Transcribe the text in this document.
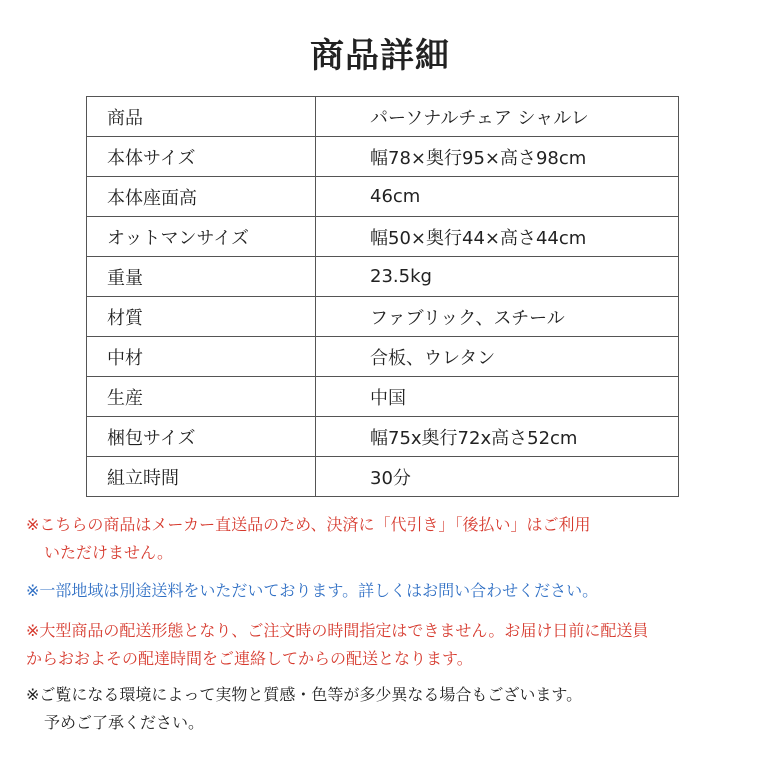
商品詳細
商品	パーソナルチェア シャルレ
本体サイズ	幅78×奥行95×高さ98cm
本体座面高	46cm
オットマンサイズ	幅50×奥行44×高さ44cm
重量	23.5kg
材質	ファブリック、スチール
中材	合板、ウレタン
生産	中国
梱包サイズ	幅75x奥行72x高さ52cm
組立時間	30分

※こちらの商品はメーカー直送品のため、決済に「代引き」「後払い」はご利用
いただけません。

※一部地域は別途送料をいただいております。詳しくはお問い合わせください。

※大型商品の配送形態となり、ご注文時の時間指定はできません。お届け日前に配送員
からおおよその配達時間をご連絡してからの配送となります。

※ご覧になる環境によって実物と質感・色等が多少異なる場合もございます。
予めご了承ください。
